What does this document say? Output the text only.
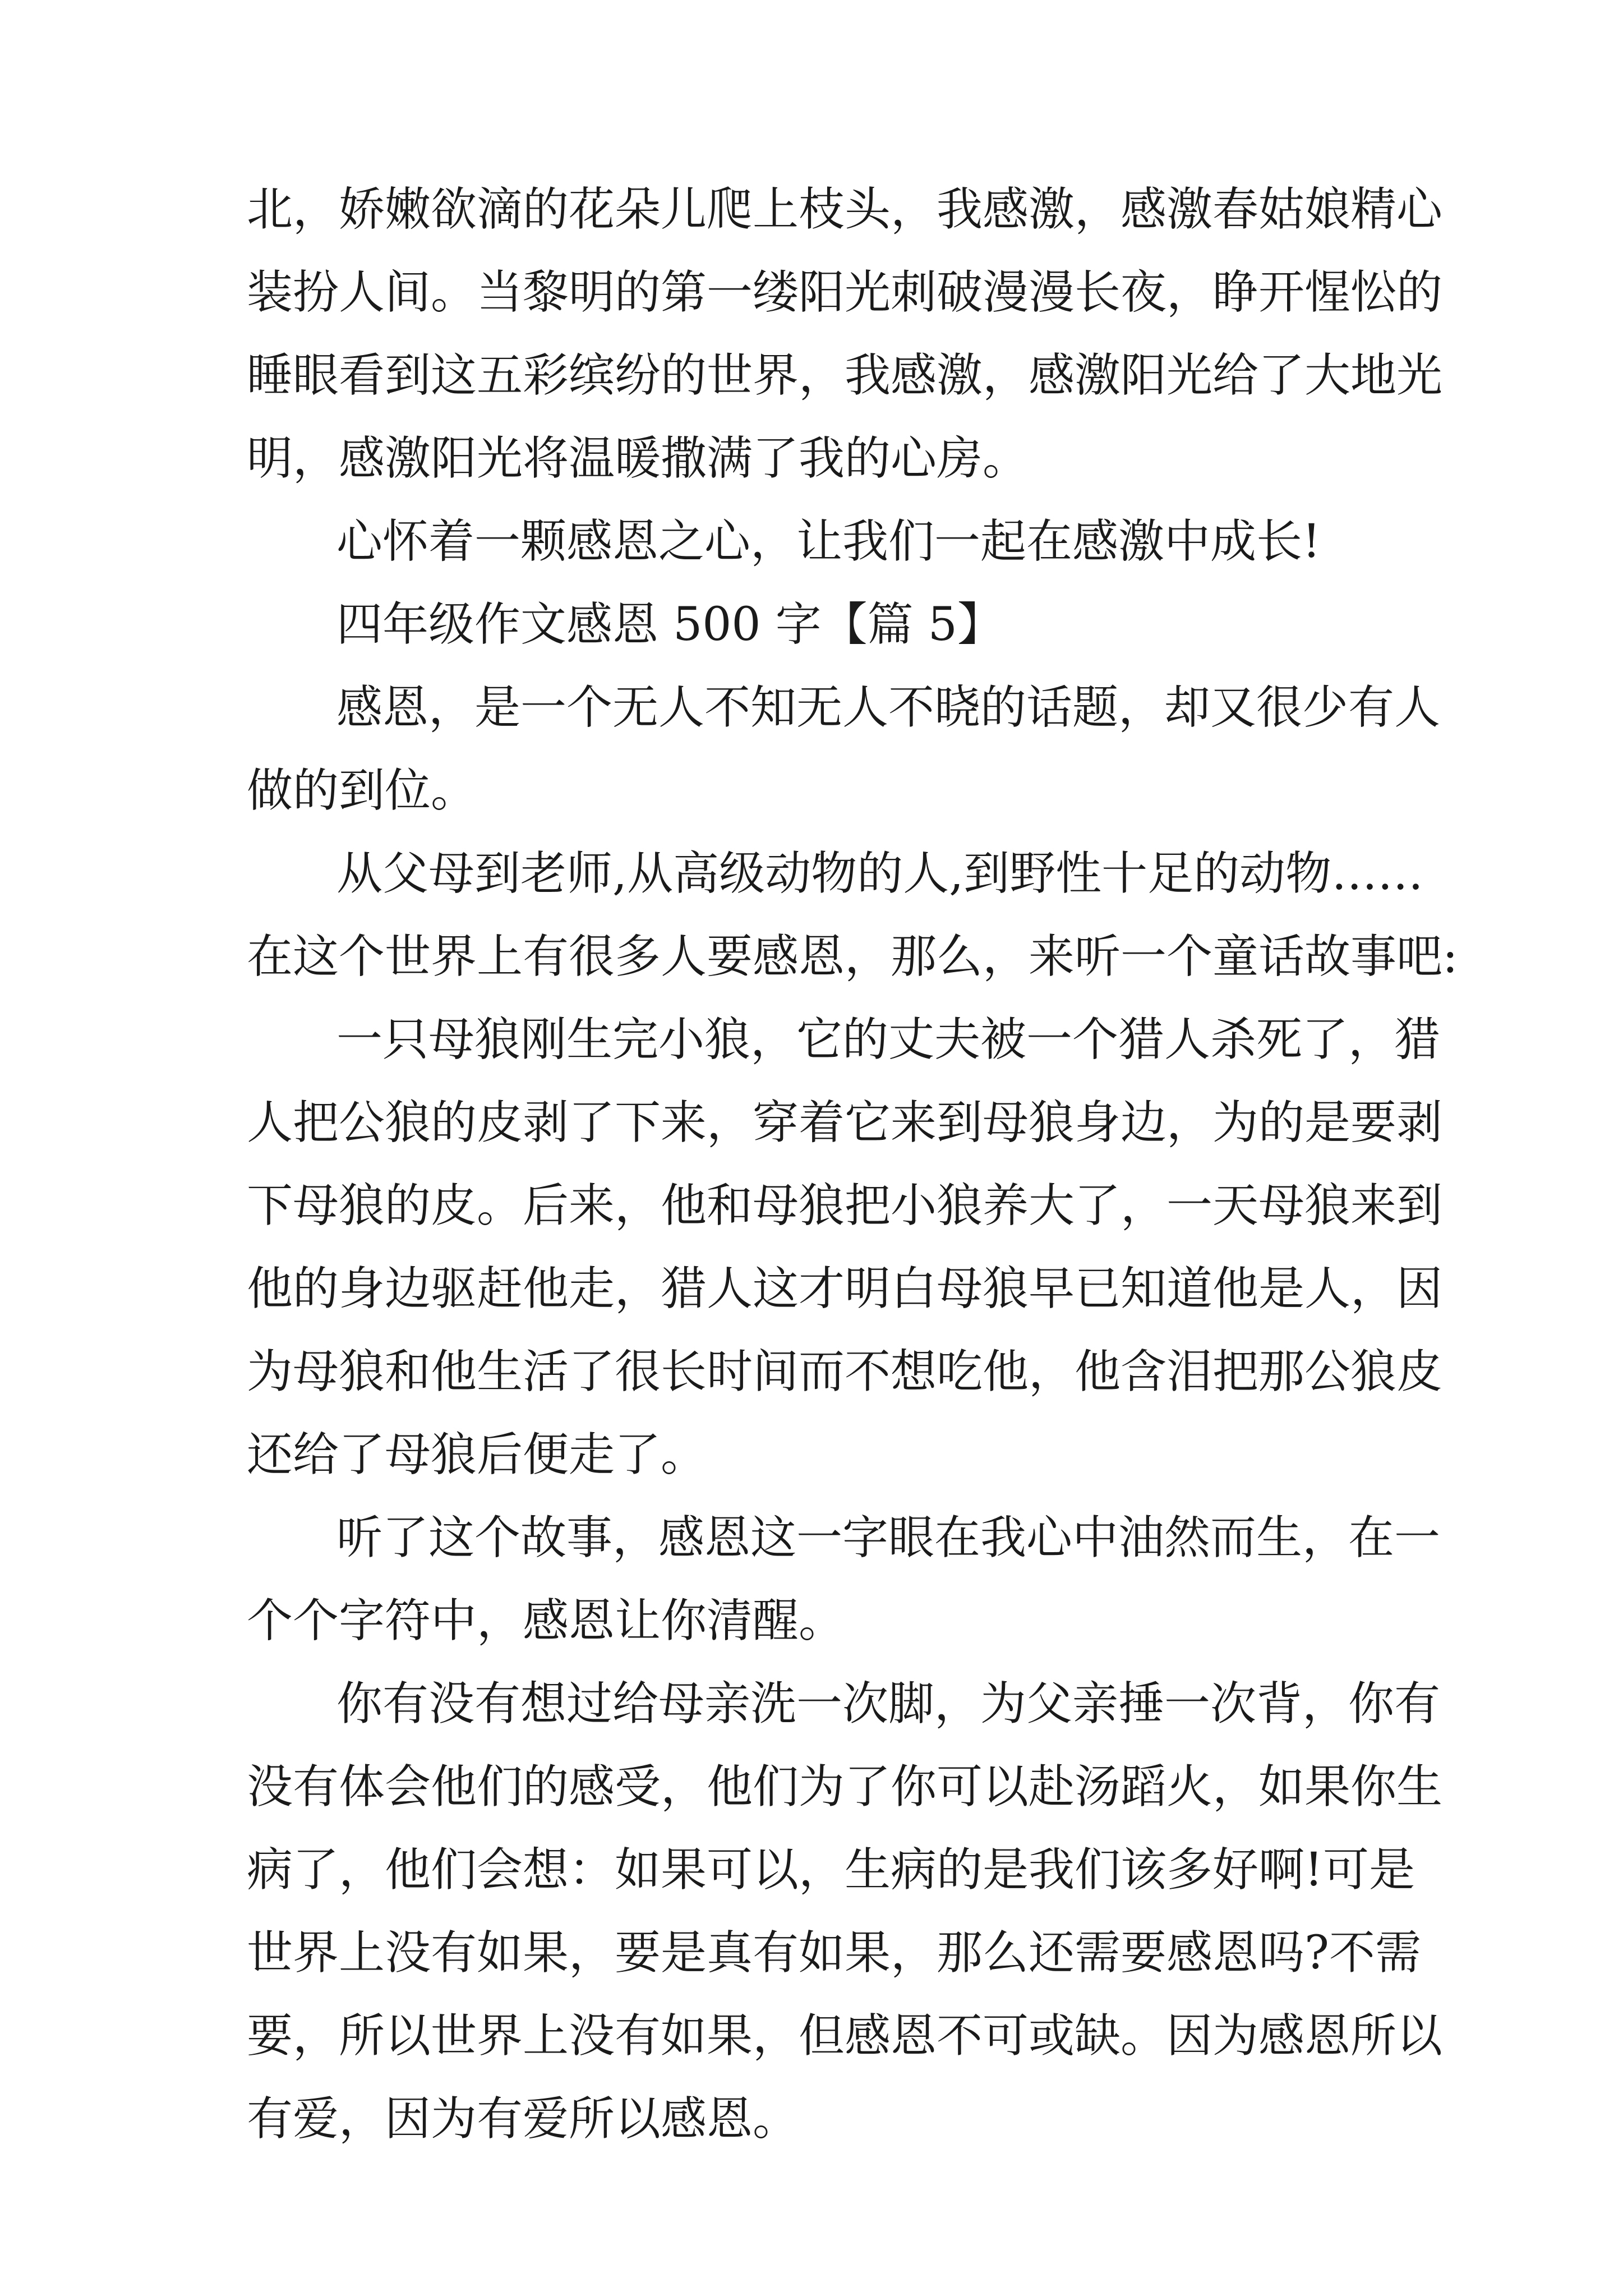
北，娇嫩欲滴的花朵儿爬上枝头，我感激，感激春姑娘精心
装扮人间。当黎明的第一缕阳光刺破漫漫长夜，睁开惺忪的
睡眼看到这五彩缤纷的世界，我感激，感激阳光给了大地光
明，感激阳光将温暖撒满了我的心房。
心怀着一颗感恩之心，让我们一起在感激中成长!
四年级作文感恩 500 字【篇 5】
感恩，是一个无人不知无人不晓的话题，却又很少有人
做的到位。
从父母到老师,从高级动物的人,到野性十足的动物……
在这个世界上有很多人要感恩，那么，来听一个童话故事吧:
一只母狼刚生完小狼，它的丈夫被一个猎人杀死了，猎
人把公狼的皮剥了下来，穿着它来到母狼身边，为的是要剥
下母狼的皮。后来，他和母狼把小狼养大了，一天母狼来到
他的身边驱赶他走，猎人这才明白母狼早已知道他是人，因
为母狼和他生活了很长时间而不想吃他，他含泪把那公狼皮
还给了母狼后便走了。
听了这个故事，感恩这一字眼在我心中油然而生，在一
个个字符中，感恩让你清醒。
你有没有想过给母亲洗一次脚，为父亲捶一次背，你有
没有体会他们的感受，他们为了你可以赴汤蹈火，如果你生
病了，他们会想：如果可以，生病的是我们该多好啊!可是
世界上没有如果，要是真有如果，那么还需要感恩吗?不需
要，所以世界上没有如果，但感恩不可或缺。因为感恩所以
有爱，因为有爱所以感恩。
